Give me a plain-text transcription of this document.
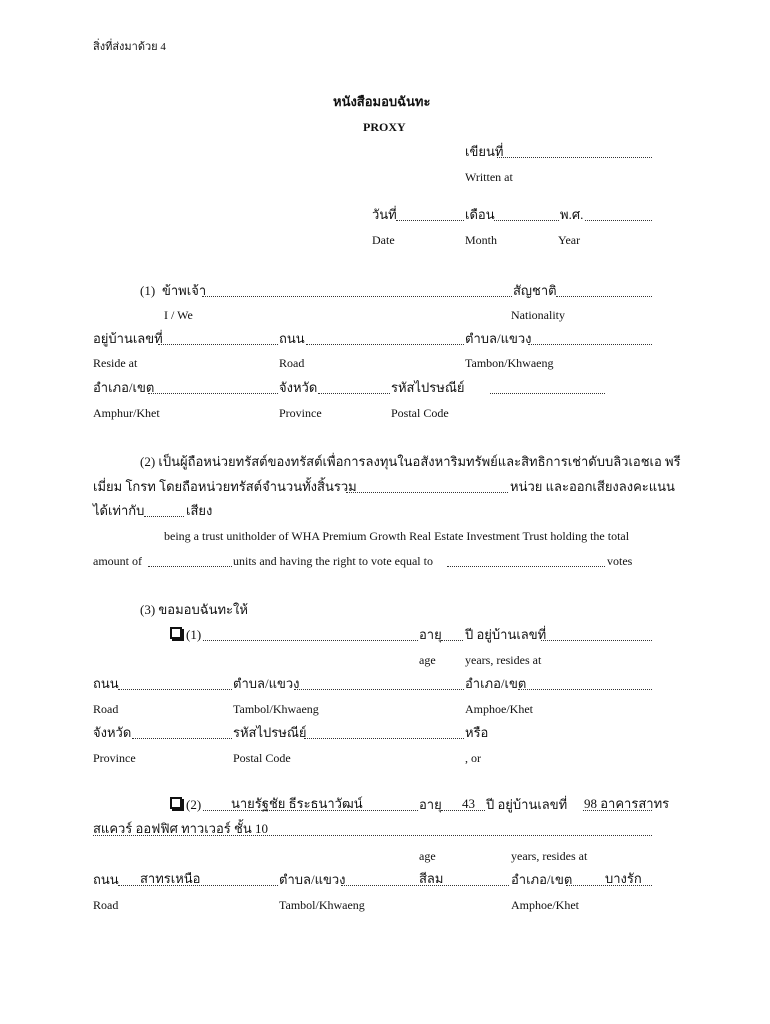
สิ่งที่ส่งมาด้วย 4
หนังสือมอบฉันทะ
PROXY
เขียนที่
Written at
วันที่	เดือน	พ.ศ.
Date	Month	Year
(1) ข้าพเจ้า	สัญชาติ
I / We	Nationality
อยู่บ้านเลขที่	ถนน	ตำบล/แขวง
Reside at	Road	Tambon/Khwaeng
อำเภอ/เขต	จังหวัด	รหัสไปรษณีย์
Amphur/Khet	Province	Postal Code
(2) เป็นผู้ถือหน่วยทรัสต์ของทรัสต์เพื่อการลงทุนในอสังหาริมทรัพย์และสิทธิการเช่าดับบลิวเอชเอ พรี
เมี่ยม โกรท โดยถือหน่วยทรัสต์จำนวนทั้งสิ้นรวม	หน่วย และออกเสียงลงคะแนน
ได้เท่ากับ	เสียง
being a trust unitholder of WHA Premium Growth Real Estate Investment Trust holding the total
amount of	units and having the right to vote equal to	votes
(3) ขอมอบฉันทะให้
(1)	อายุ ปี อยู่บ้านเลขที่
age years, resides at
ถนน	ตำบล/แขวง	อำเภอ/เขต
Road	Tambol/Khwaeng	Amphoe/Khet
จังหวัด	รหัสไปรษณีย์	หรือ
Province	Postal Code	, or
(2) นายรัฐชัย ธีระธนาวัฒน์	อายุ 43 ปี อยู่บ้านเลขที่ 98 อาคารสาทร
สแควร์ ออฟฟิศ ทาวเวอร์ ชั้น 10
age	years, resides at
ถนน สาทรเหนือ	ตำบล/แขวง	สีลม	อำเภอ/เขต	บางรัก
Road	Tambol/Khwaeng	Amphoe/Khet
